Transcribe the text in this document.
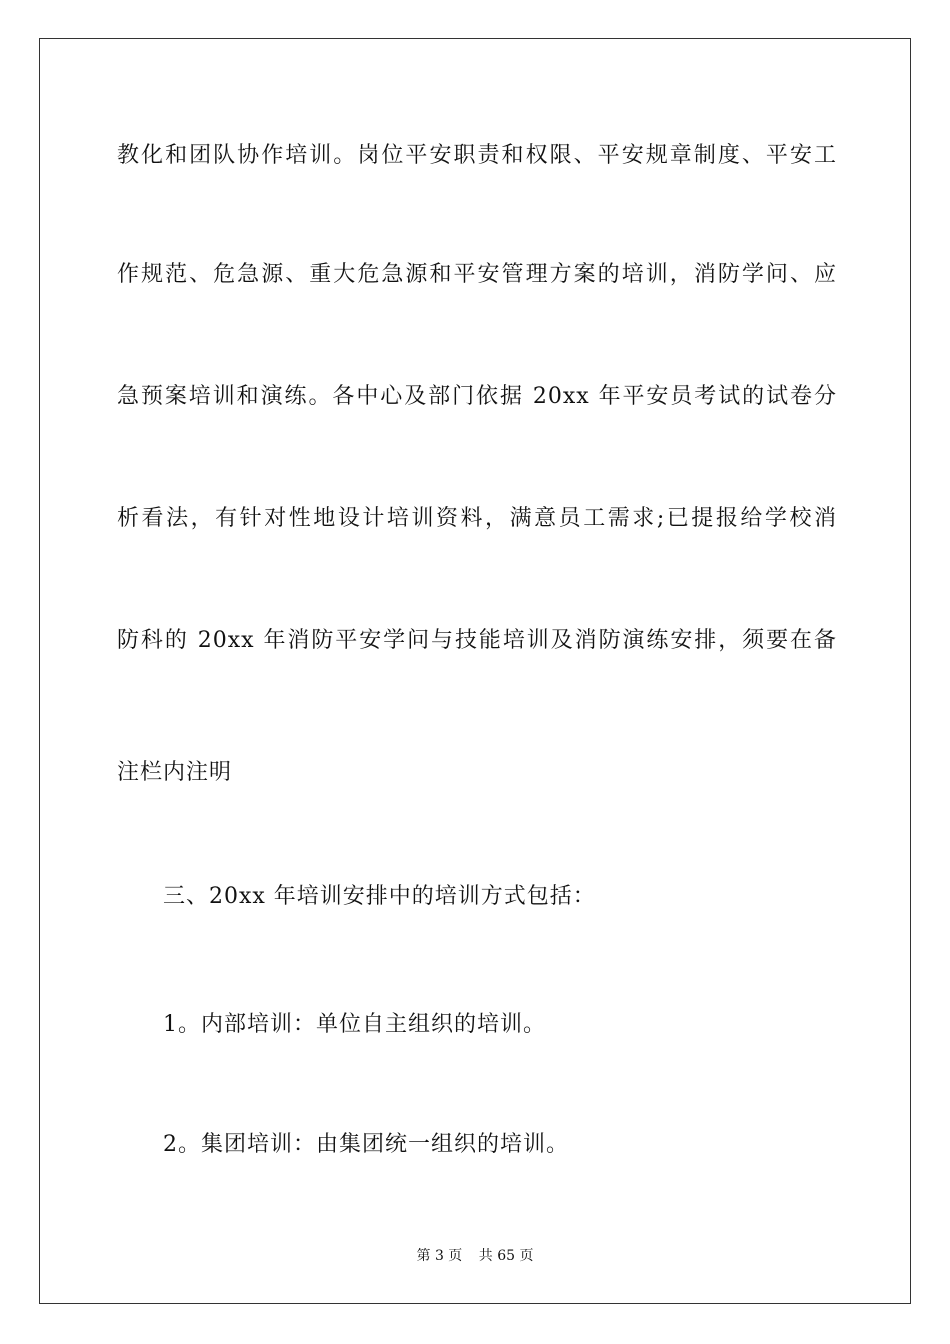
教化和团队协作培训。岗位平安职责和权限、平安规章制度、平安工
作规范、危急源、重大危急源和平安管理方案的培训，消防学问、应
急预案培训和演练。各中心及部门依据 20xx 年平安员考试的试卷分
析看法，有针对性地设计培训资料，满意员工需求;已提报给学校消
防科的 20xx 年消防平安学问与技能培训及消防演练安排，须要在备
注栏内注明
三、20xx 年培训安排中的培训方式包括：
1。内部培训：单位自主组织的培训。
2。集团培训：由集团统一组织的培训。
第 3 页 共 65 页
